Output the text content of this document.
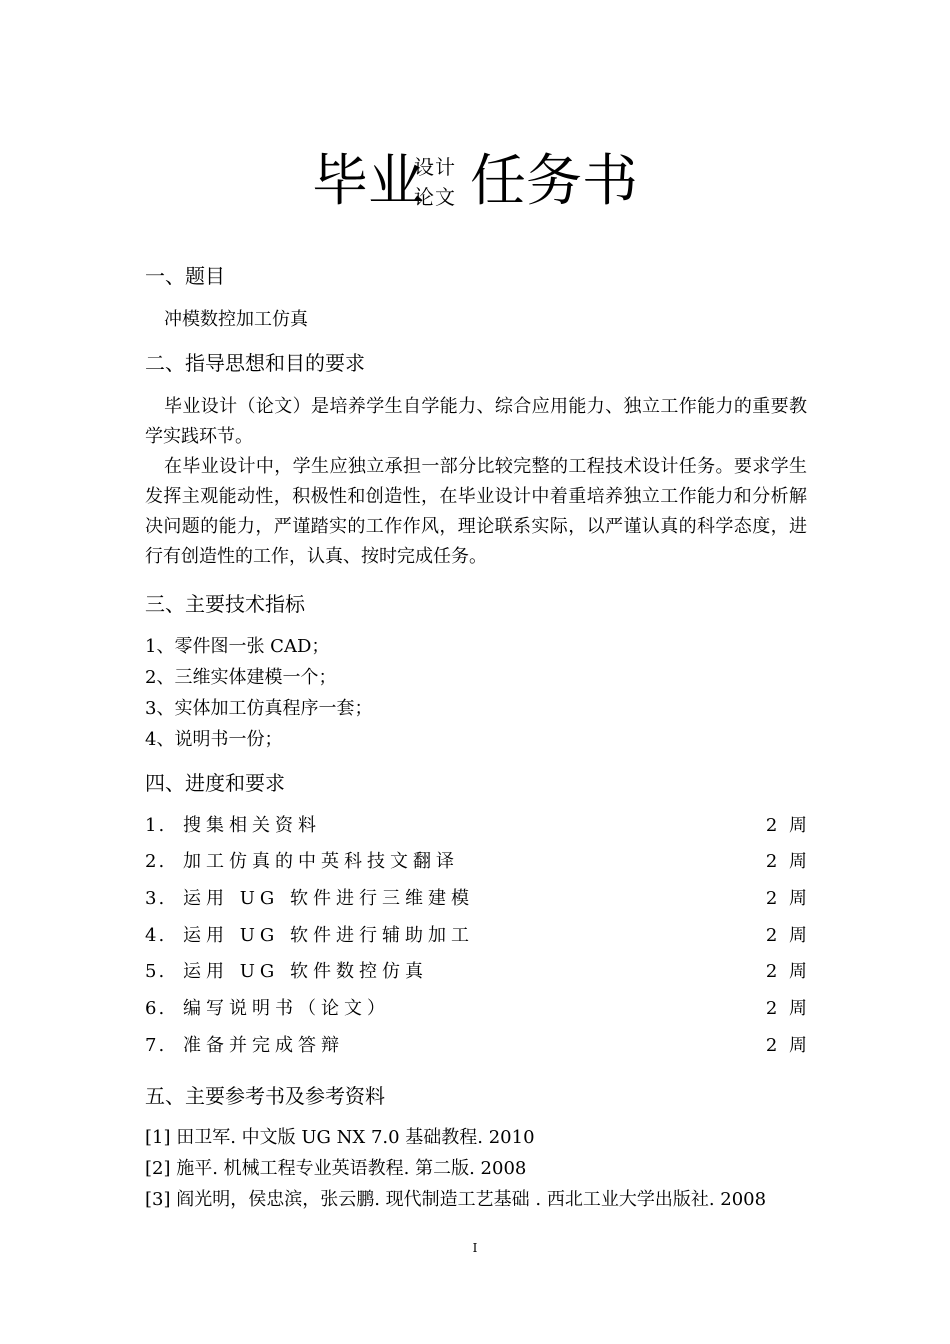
毕业
设计
论文 任务书
一、题目
冲模数控加工仿真
二、指导思想和目的要求

毕业设计（论文）是培养学生自学能力、综合应用能力、独立工作能力的重要教学实践环节。

在毕业设计中，学生应独立承担一部分比较完整的工程技术设计任务。要求学生发挥主观能动性，积极性和创造性，在毕业设计中着重培养独立工作能力和分析解决问题的能力，严谨踏实的工作作风，理论联系实际，以严谨认真的科学态度，进行有创造性的工作，认真、按时完成任务。

三、主要技术指标
1、零件图一张 CAD；
2、三维实体建模一个；
3、实体加工仿真程序一套；
4、说明书一份；
四、进度和要求
1. 搜集相关资料	2 周
2. 加工仿真的中英科技文翻译	2 周
3. 运用 UG 软件进行三维建模	2 周
4. 运用 UG 软件进行辅助加工	2 周
5. 运用 UG 软件数控仿真	2 周
6. 编写说明书（论文）	2 周
7. 准备并完成答辩	2 周
五、主要参考书及参考资料
[1] 田卫军. 中文版 UG NX 7.0 基础教程. 2010
[2] 施平. 机械工程专业英语教程. 第二版. 2008
[3] 阎光明，侯忠滨，张云鹏. 现代制造工艺基础 . 西北工业大学出版社. 2008
I
